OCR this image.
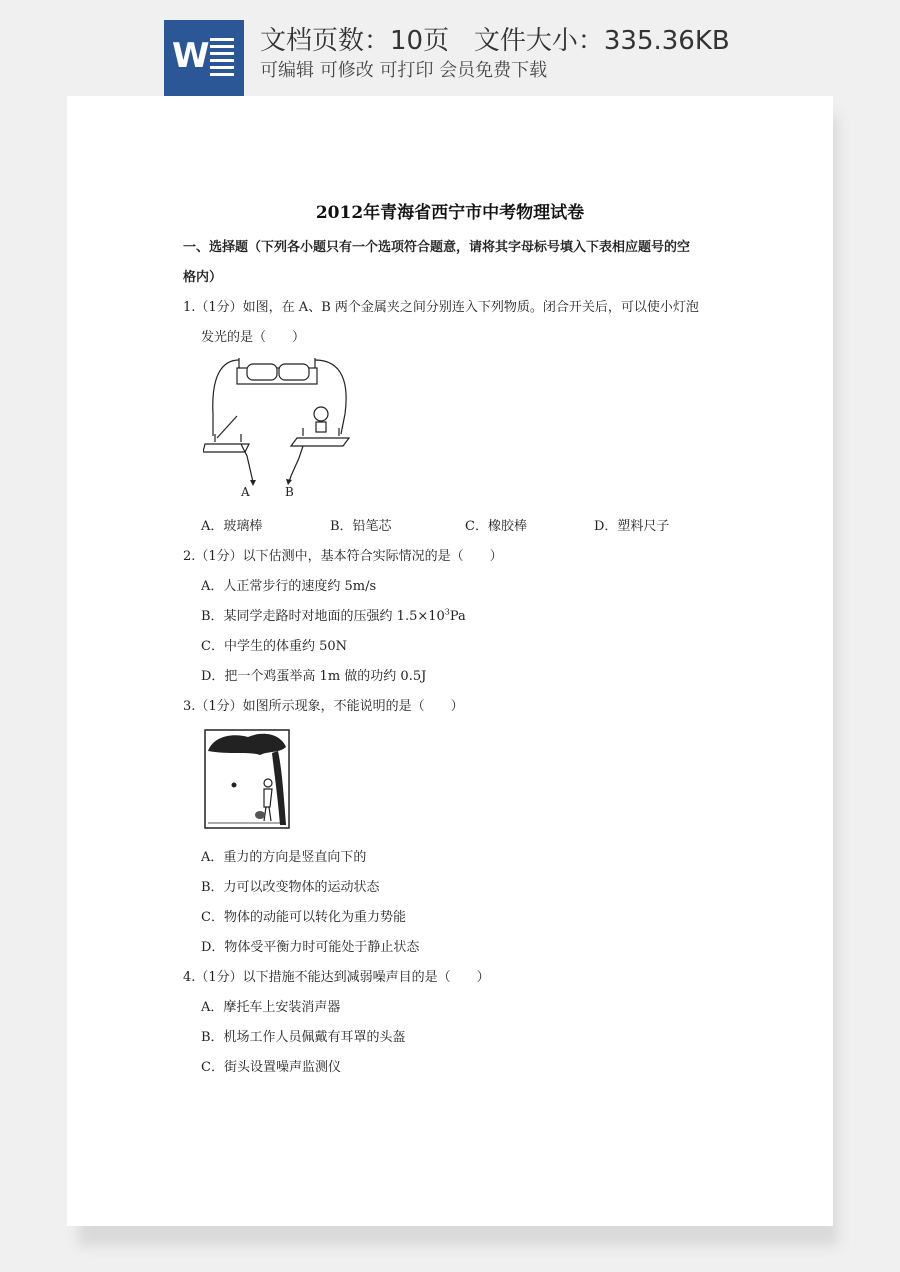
W 文档页数：10页   文件大小：335.36KB
可编辑 可修改 可打印 会员免费下载
2012年青海省西宁市中考物理试卷
一、选择题（下列各小题只有一个选项符合题意，请将其字母标号填入下表相应题号的空
格内）
1.（1分）如图，在 A、B 两个金属夹之间分别连入下列物质。闭合开关后，可以使小灯泡
发光的是（　　）
A	B
A．玻璃棒	B．铅笔芯	C．橡胶棒	D．塑料尺子
2.（1分）以下估测中，基本符合实际情况的是（　　）
A．人正常步行的速度约 5m/s
B．某同学走路时对地面的压强约 $1.5\times 10^3Pa$
C．中学生的体重约 50N
D．把一个鸡蛋举高 1m 做的功约 0.5J
3.（1分）如图所示现象，不能说明的是（　　）
A．重力的方向是竖直向下的
B．力可以改变物体的运动状态
C．物体的动能可以转化为重力势能
D．物体受平衡力时可能处于静止状态
4.（1分）以下措施不能达到减弱噪声目的是（　　）
A．摩托车上安装消声器
B．机场工作人员佩戴有耳罩的头盔
C．街头设置噪声监测仪
